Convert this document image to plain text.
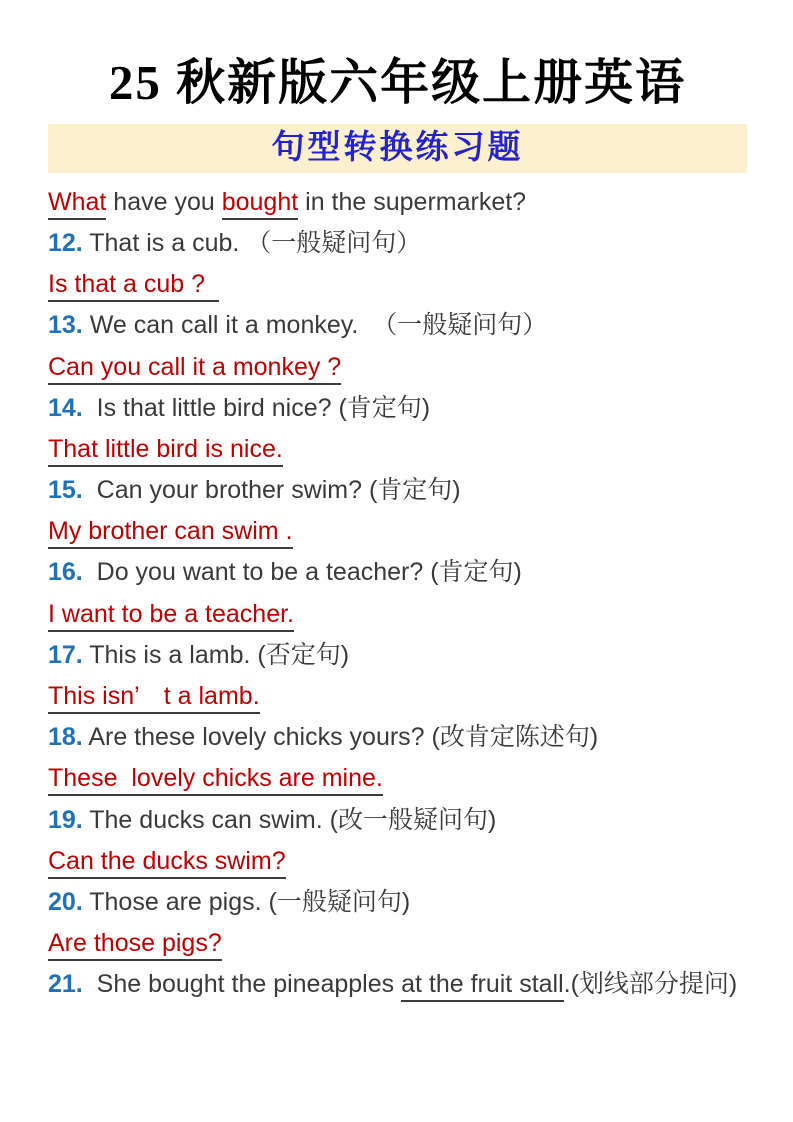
25 秋新版六年级上册英语
句型转换练习题
What have you bought in the supermarket?
12. That is a cub. （一般疑问句）
Is that a cub ?
13. We can call it a monkey.  （一般疑问句）
Can you call it a monkey ?
14.  Is that little bird nice? (肯定句)
That little bird is nice.
15.  Can your brother swim? (肯定句)
My brother can swim .
16.  Do you want to be a teacher? (肯定句)
I want to be a teacher.
17. This is a lamb. (否定句)
This isn’　t a lamb.
18. Are these lovely chicks yours? (改肯定陈述句)
These  lovely chicks are mine.
19. The ducks can swim. (改一般疑问句)
Can the ducks swim?
20. Those are pigs. (一般疑问句)
Are those pigs?
21.  She bought the pineapples at the fruit stall.(划线部分提问)
